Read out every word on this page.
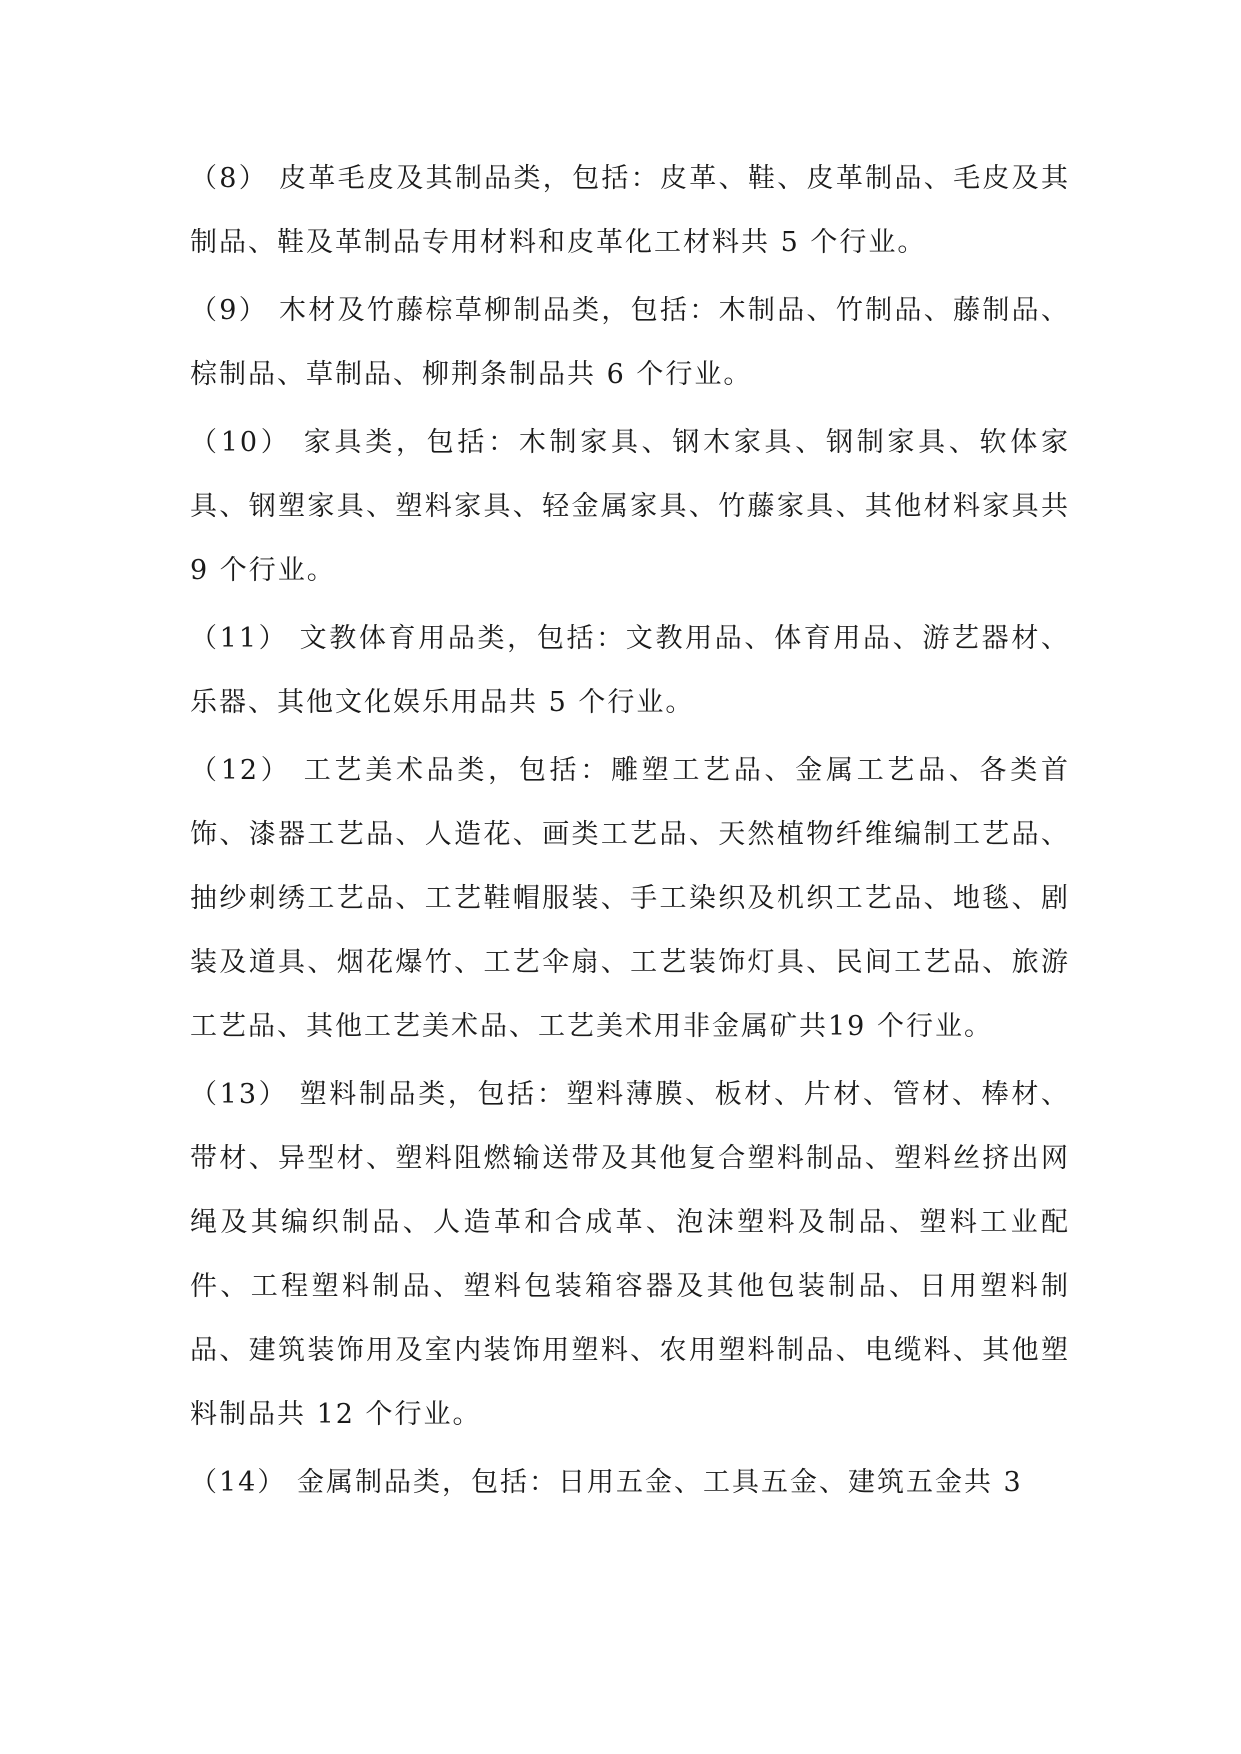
（8） 皮革毛皮及其制品类，包括：皮革、鞋、皮革制品、毛皮及其制品、鞋及革制品专用材料和皮革化工材料共 5 个行业。

（9） 木材及竹藤棕草柳制品类，包括：木制品、竹制品、藤制品、棕制品、草制品、柳荆条制品共 6 个行业。

（10） 家具类，包括：木制家具、钢木家具、钢制家具、软体家具、钢塑家具、塑料家具、轻金属家具、竹藤家具、其他材料家具共 9 个行业。

（11） 文教体育用品类，包括：文教用品、体育用品、游艺器材、乐器、其他文化娱乐用品共 5 个行业。

（12） 工艺美术品类，包括：雕塑工艺品、金属工艺品、各类首饰、漆器工艺品、人造花、画类工艺品、天然植物纤维编制工艺品、抽纱刺绣工艺品、工艺鞋帽服装、手工染织及机织工艺品、地毯、剧装及道具、烟花爆竹、工艺伞扇、工艺装饰灯具、民间工艺品、旅游工艺品、其他工艺美术品、工艺美术用非金属矿共19 个行业。

（13） 塑料制品类，包括：塑料薄膜、板材、片材、管材、棒材、带材、异型材、塑料阻燃输送带及其他复合塑料制品、塑料丝挤出网绳及其编织制品、人造革和合成革、泡沫塑料及制品、塑料工业配件、工程塑料制品、塑料包装箱容器及其他包装制品、日用塑料制品、建筑装饰用及室内装饰用塑料、农用塑料制品、电缆料、其他塑料制品共 12 个行业。

（14） 金属制品类，包括：日用五金、工具五金、建筑五金共 3
